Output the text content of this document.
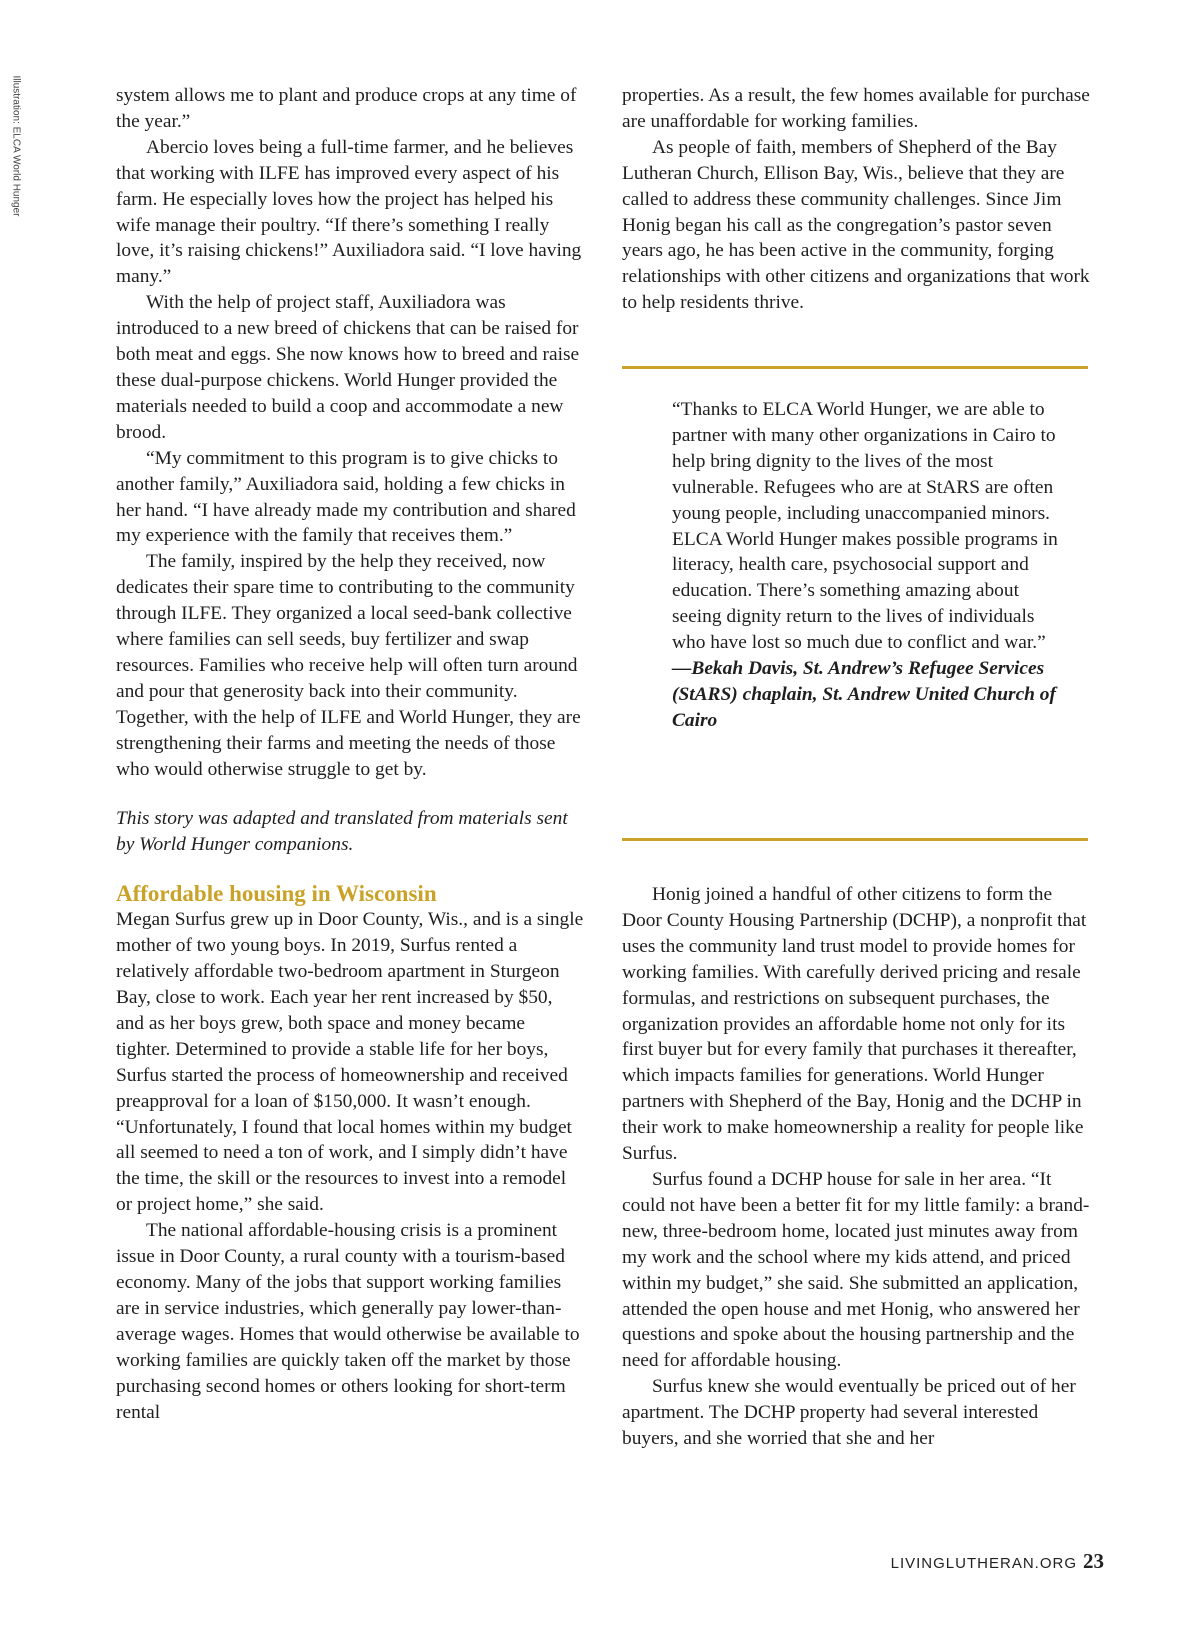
Illustration: ELCA World Hunger	system allows me to plant and produce crops at any time of the year.”

Abercio loves being a full-time farmer, and he believes that working with ILFE has improved every aspect of his farm. He especially loves how the project has helped his wife manage their poultry. “If there’s something I really love, it’s raising chickens!” Auxiliadora said. “I love having many.”

With the help of project staff, Auxiliadora was introduced to a new breed of chickens that can be raised for both meat and eggs. She now knows how to breed and raise these dual-purpose chickens. World Hunger provided the materials needed to build a coop and accommodate a new brood.

“My commitment to this program is to give chicks to another family,” Auxiliadora said, holding a few chicks in her hand. “I have already made my contribution and shared my experience with the family that receives them.”

The family, inspired by the help they received, now dedicates their spare time to contributing to the community through ILFE. They organized a local seed-bank collective where families can sell seeds, buy fertilizer and swap resources. Families who receive help will often turn around and pour that generosity back into their community. Together, with the help of ILFE and World Hunger, they are strengthening their farms and meeting the needs of those who would otherwise struggle to get by.

This story was adapted and translated from materials sent by World Hunger companions.

Affordable housing in Wisconsin

Megan Surfus grew up in Door County, Wis., and is a single mother of two young boys. In 2019, Surfus rented a relatively affordable two-bedroom apartment in Sturgeon Bay, close to work. Each year her rent increased by $50, and as her boys grew, both space and money became tighter. Determined to provide a stable life for her boys, Surfus started the process of homeownership and received preapproval for a loan of $150,000. It wasn’t enough. “Unfortunately, I found that local homes within my budget all seemed to need a ton of work, and I simply didn’t have the time, the skill or the resources to invest into a remodel or project home,” she said.

The national affordable-housing crisis is a prominent issue in Door County, a rural county with a tourism-based economy. Many of the jobs that support working families are in service industries, which generally pay lower-than-average wages. Homes that would otherwise be available to working families are quickly taken off the market by those purchasing second homes or others looking for short-term rental

properties. As a result, the few homes available for purchase are unaffordable for working families.

As people of faith, members of Shepherd of the Bay Lutheran Church, Ellison Bay, Wis., believe that they are called to address these community challenges. Since Jim Honig began his call as the congregation’s pastor seven years ago, he has been active in the community, forging relationships with other citizens and organizations that work to help residents thrive.

“Thanks to ELCA World Hunger, we are able to partner with many other organizations in Cairo to help bring dignity to the lives of the most vulnerable. Refugees who are at StARS are often young people, including unaccompanied minors. ELCA World Hunger makes possible programs in literacy, health care, psychosocial support and education. There’s something amazing about seeing dignity return to the lives of individuals who have lost so much due to conflict and war.”

—Bekah Davis, St. Andrew’s Refugee Services (StARS) chaplain, St. Andrew United Church of Cairo

Honig joined a handful of other citizens to form the Door County Housing Partnership (DCHP), a nonprofit that uses the community land trust model to provide homes for working families. With carefully derived pricing and resale formulas, and restrictions on subsequent purchases, the organization provides an affordable home not only for its first buyer but for every family that purchases it thereafter, which impacts families for generations. World Hunger partners with Shepherd of the Bay, Honig and the DCHP in their work to make homeownership a reality for people like Surfus.

Surfus found a DCHP house for sale in her area. “It could not have been a better fit for my little family: a brand-new, three-bedroom home, located just minutes away from my work and the school where my kids attend, and priced within my budget,” she said. She submitted an application, attended the open house and met Honig, who answered her questions and spoke about the housing partnership and the need for affordable housing.

Surfus knew she would eventually be priced out of her apartment. The DCHP property had several interested buyers, and she worried that she and her

LIVINGLUTHERAN.ORG 23
